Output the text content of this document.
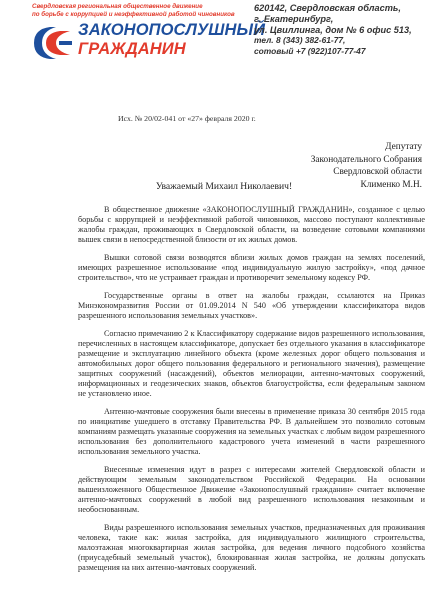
Свердловская региональная общественное движение
по борьбе с коррупцией и неэффективной работой чиновников
ЗАКОНОПОСЛУШНЫЙ
ГРАЖДАНИН
620142, Свердловская область,
г. Екатеринбург,
ул. Цвиллинга, дом № 6 офис 513,
тел. 8 (343) 382-61-77,
сотовый +7 (922)107-77-47
Исх. № 20/02-041 от «27» февраля 2020 г.
Депутату
Законодательного Собрания
Свердловской области
Клименко М.Н.
Уважаемый Михаил Николаевич!

В общественное движение «ЗАКОНОПОСЛУШНЫЙ ГРАЖДАНИН», созданное с целью борьбы с коррупцией и неэффективной работой чиновников, массово поступают коллективные жалобы граждан, проживающих в Свердловской области, на возведение сотовыми компаниями вышек связи в непосредственной близости от их жилых домов.

Вышки сотовой связи возводятся вблизи жилых домов граждан на землях поселений, имеющих разрешенное использование «под индивидуальную жилую застройку», «под дачное строительство», что не устраивает граждан и противоречит земельному кодексу РФ.

Государственные органы в ответ на жалобы граждан, ссылаются на Приказ Минэкономразвития России от 01.09.2014 N 540 «Об утверждении классификатора видов разрешенного использования земельных участков».

Согласно примечанию 2 к Классификатору содержание видов разрешенного использования, перечисленных в настоящем классификаторе, допускает без отдельного указания в классификаторе размещение и эксплуатацию линейного объекта (кроме железных дорог общего пользования и автомобильных дорог общего пользования федерального и регионального значения), размещение защитных сооружений (насаждений), объектов мелиорации, антенно-мачтовых сооружений, информационных и геодезических знаков, объектов благоустройства, если федеральным законом не установлено иное.

Антенно-мачтовые сооружения были внесены в применение приказа 30 сентября 2015 года по инициативе ушедшего в отставку Правительства РФ. В дальнейшем это позволило сотовым компаниям размещать указанные сооружения на земельных участках с любым видом разрешенного использования без дополнительного кадастрового учета изменений в части разрешенного использования земельного участка.

Внесенные изменения идут в разрез с интересами жителей Свердловской области и действующим земельным законодательством Российской Федерации. На основании вышеизложенного Общественное Движение «Законопослушный гражданин» считает включение антенно-мачтовых сооружений в любой вид разрешенного использования незаконным и необоснованным.

Виды разрешенного использования земельных участков, предназначенных для проживания человека, такие как: жилая застройка, для индивидуального жилищного строительства, малоэтажная многоквартирная жилая застройка, для ведения личного подсобного хозяйства (приусадебный земельный участок), блокированная жилая застройка, не должны допускать размещения на них антенно-мачтовых сооружений.
